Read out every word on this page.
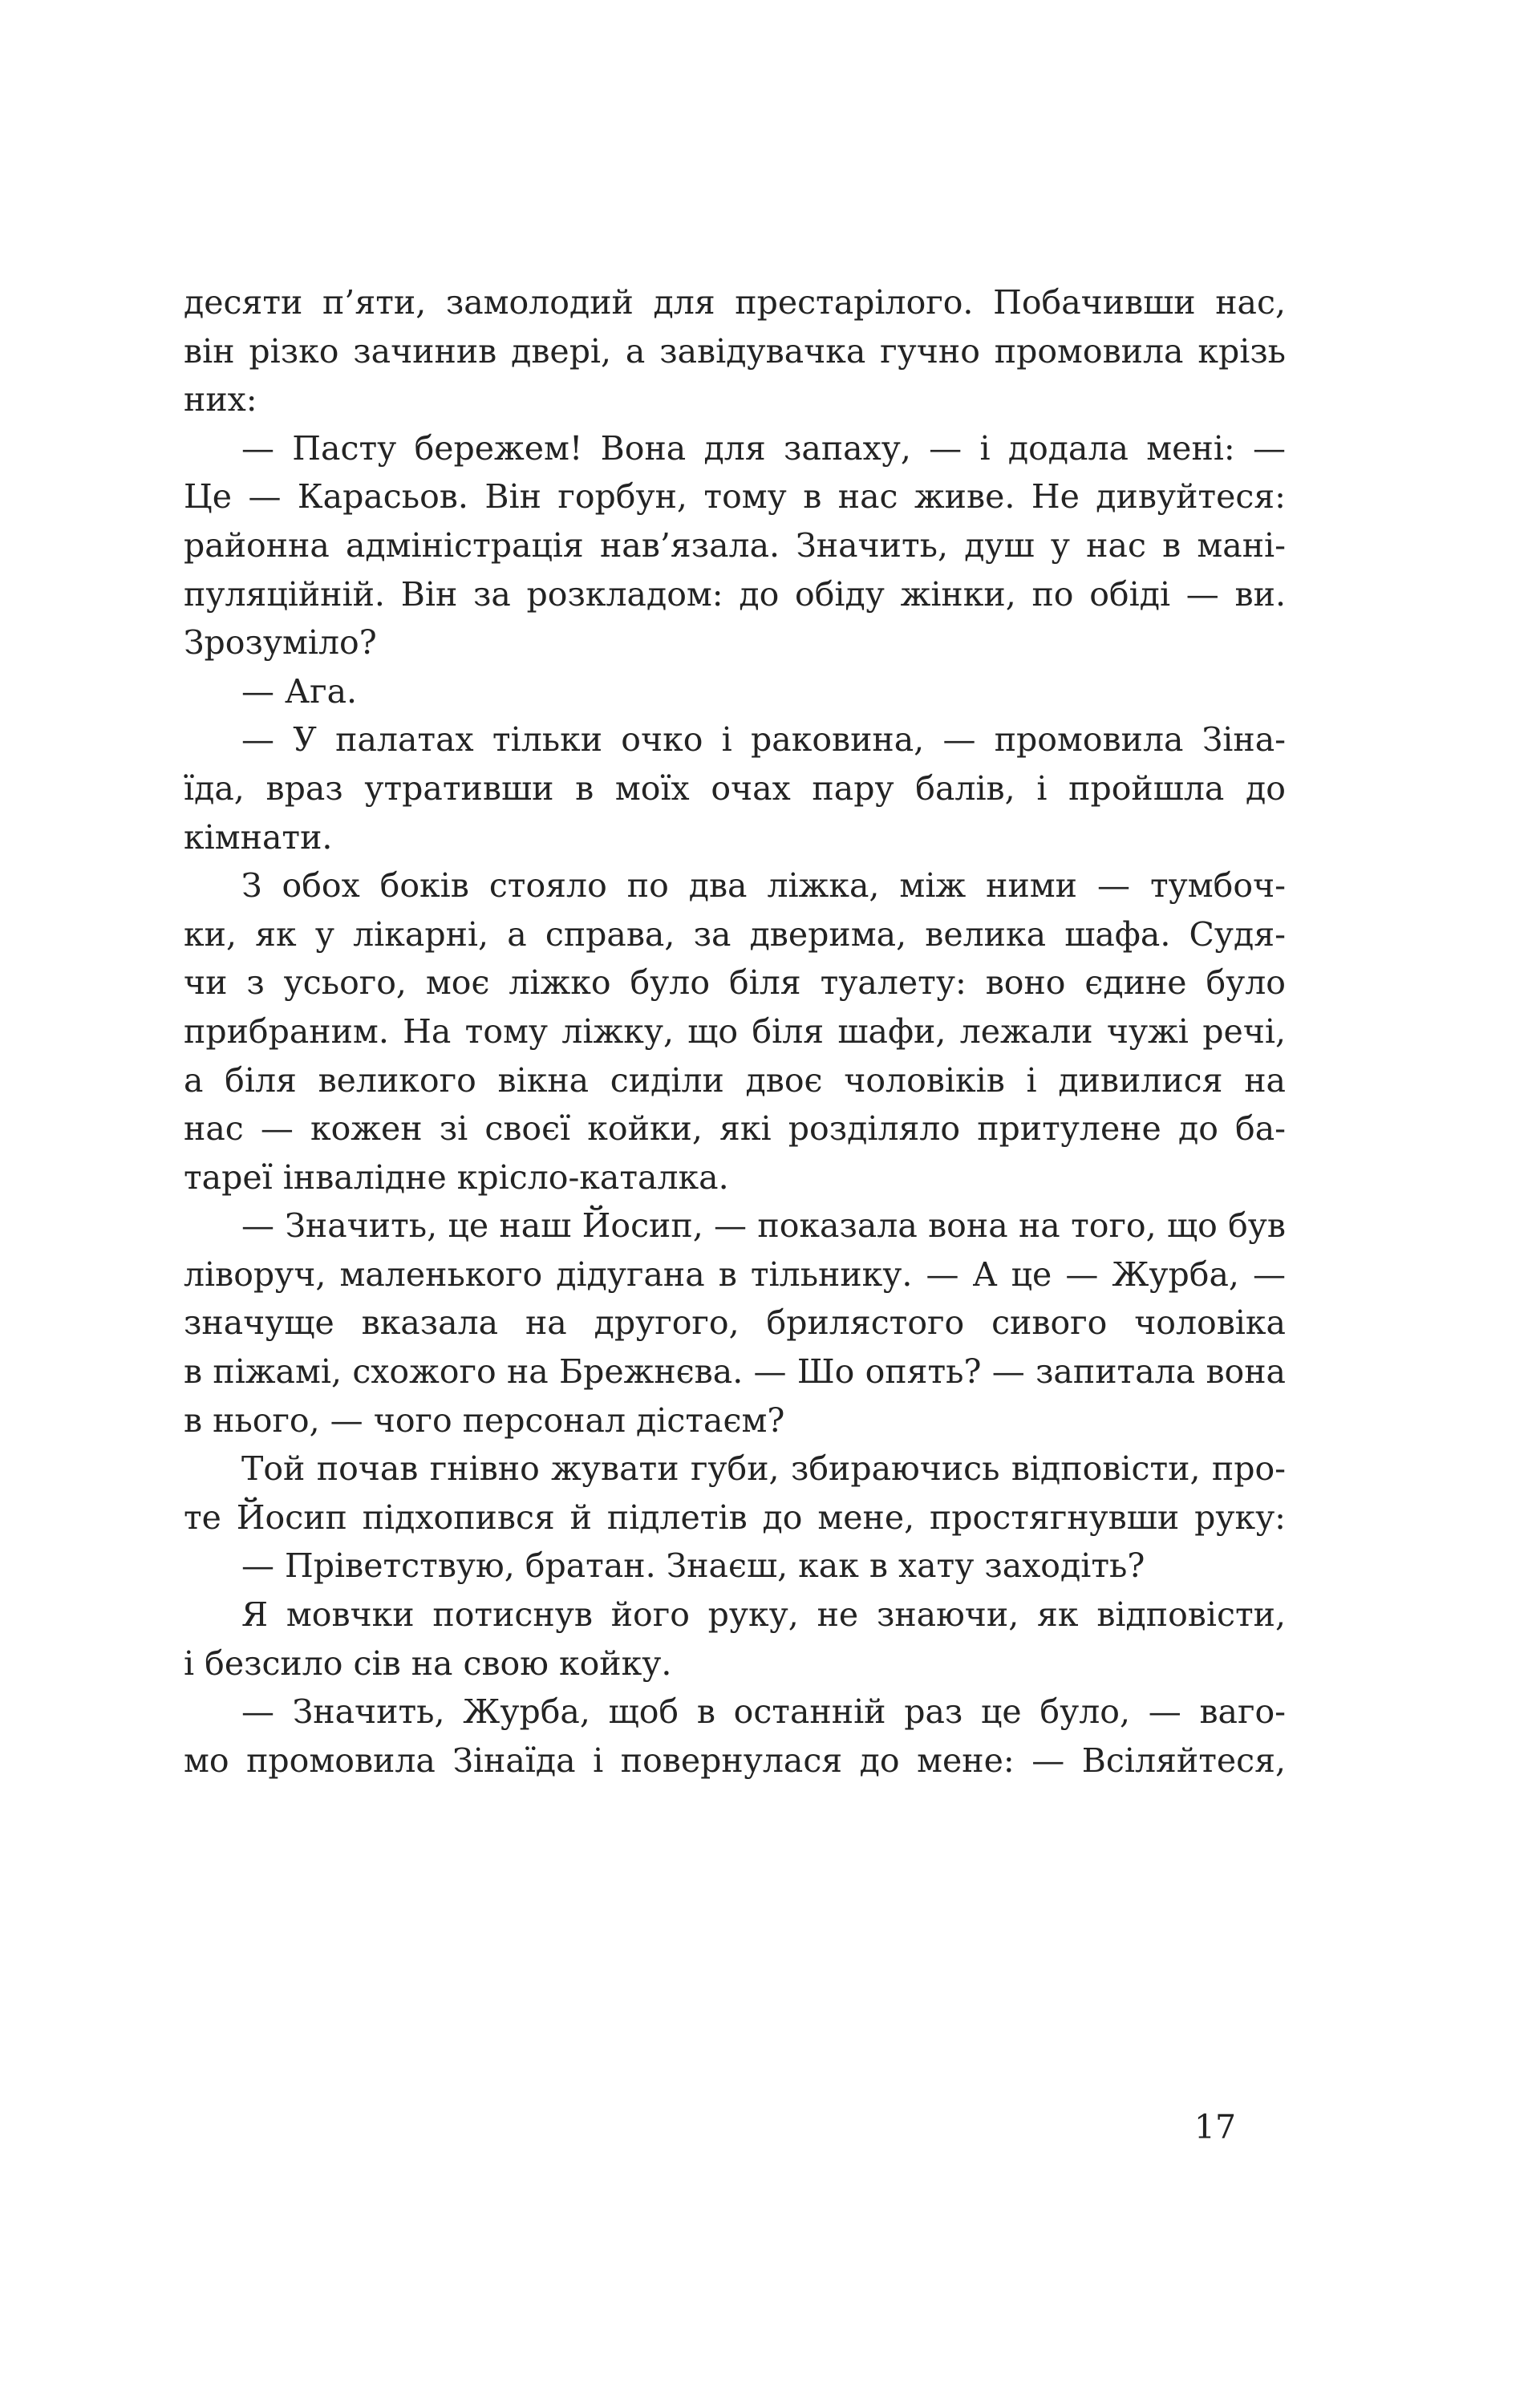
десяти п’яти, замолодий для престарілого. Побачивши нас,
він різко зачинив двері, а завідувачка гучно промовила крізь
них:
— Пасту бережем! Вона для запаху, — і додала мені: —
Це — Карасьов. Він горбун, тому в нас живе. Не дивуйтеся:
районна адміністрація нав’язала. Значить, душ у нас в мані-
пуляційній. Він за розкладом: до обіду жінки, по обіді — ви.
Зрозуміло?
— Ага.
— У палатах тільки очко і раковина, — промовила Зіна-
їда, враз утративши в моїх очах пару балів, і пройшла до
кімнати.
З обох боків стояло по два ліжка, між ними — тумбоч-
ки, як у лікарні, а справа, за дверима, велика шафа. Судя-
чи з усього, моє ліжко було біля туалету: воно єдине було
прибраним. На тому ліжку, що біля шафи, лежали чужі речі,
а біля великого вікна сиділи двоє чоловіків і дивилися на
нас — кожен зі своєї койки, які розділяло притулене до ба-
тареї інвалідне крісло-каталка.
— Значить, це наш Йосип, — показала вона на того, що був
ліворуч, маленького дідугана в тільнику. — А це — Журба, —
значуще вказала на другого, брилястого сивого чоловіка
в піжамі, схожого на Брежнєва. — Шо опять? — запитала вона
в нього, — чого персонал дістаєм?
Той почав гнівно жувати губи, збираючись відповісти, про-
те Йосип підхопився й підлетів до мене, простягнувши руку:
— Пріветствую, братан. Знаєш, как в хату заходіть?
Я мовчки потиснув його руку, не знаючи, як відповісти,
і безсило сів на свою койку.
— Значить, Журба, щоб в останній раз це було, — ваго-
мо промовила Зінаїда і повернулася до мене: — Всіляйтеся,
17
